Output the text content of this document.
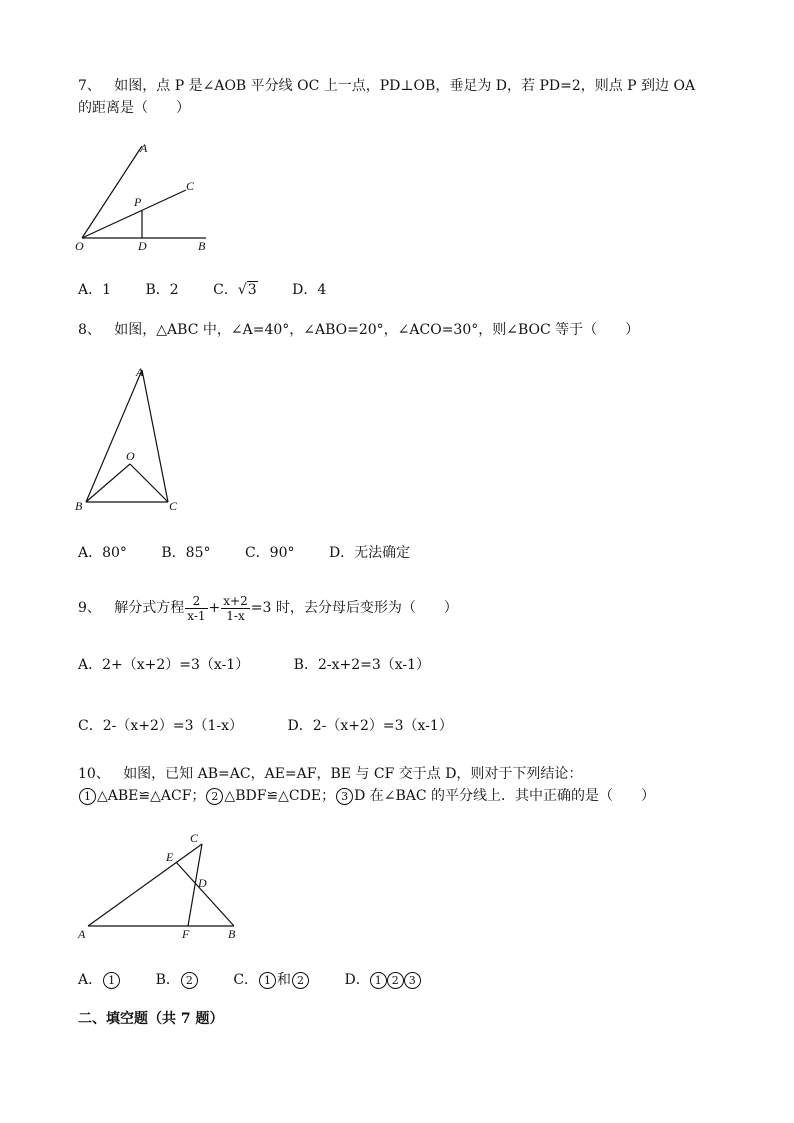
7、 如图，点 P 是∠AOB 平分线 OC 上一点，PD⊥OB，垂足为 D，若 PD=2，则点 P 到边 OA
的距离是（　　）
A
C
P
O	D	B
A．1 B．2 C．√3	D．4
8、 如图，△ABC 中，∠A=40°，∠ABO=20°，∠ACO=30°，则∠BOC 等于（　　）
A
O
B	C
A．80° B．85° C．90° D．无法确定
9、 解分式方程 $\frac{2}{x-1} + \frac{x+2}{1-x} =3$ 时，去分母后变形为（　　）
A．2+（x+2）=3（x-1）	B．2-x+2=3（x-1）
C．2-（x+2）=3（1-x）	D．2-（x+2）=3（x-1）
10、 如图，已知 AB=AC，AE=AF，BE 与 CF 交于点 D，则对于下列结论：
1 △ABE≌△ACF； 2 △BDF≌△CDE； 3 D 在∠BAC 的平分线上．其中正确的是（　　）
C
E
D
A	F	B
A． 1	B． 2	C． 1 和 2	D． 1 2 3
二、填空题（共 7 题）
